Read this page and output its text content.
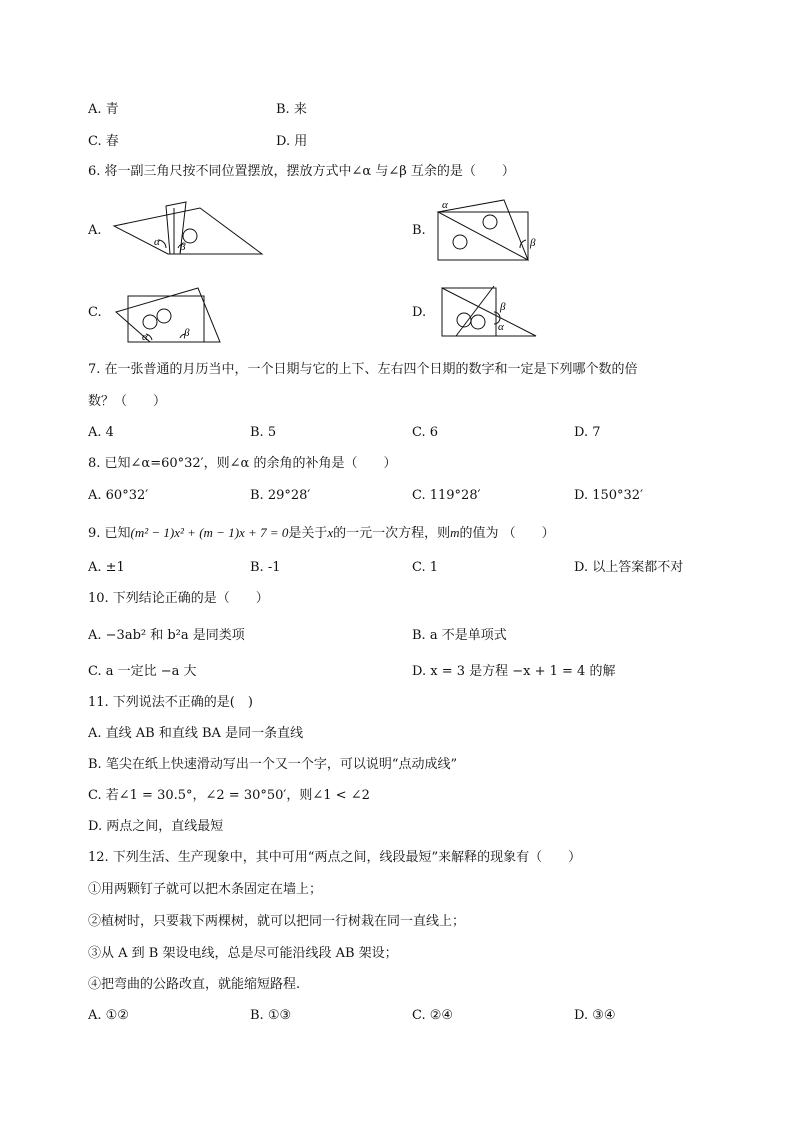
A. 青	B. 来
C. 春	D. 用
6. 将一副三角尺按不同位置摆放，摆放方式中∠α 与∠β 互余的是（　　）
A.
α β
B.
α
β
C.
α	β
D.	β
α
7. 在一张普通的月历当中，一个日期与它的上下、左右四个日期的数字和一定是下列哪个数的倍
数？（　　）
A. 4	B. 5	C. 6	D. 7
8. 已知∠α=60°32′，则∠α 的余角的补角是（　　）
A. 60°32′	B. 29°28′	C. 119°28′	D. 150°32′
9. 已知(m² − 1)x² + (m − 1)x + 7 = 0是关于x的一元一次方程，则m的值为 （　　）
A. ±1	B. -1	C. 1	D. 以上答案都不对
10. 下列结论正确的是（　　）
A. −3ab² 和 b²a 是同类项	B. a 不是单项式
C. a 一定比 −a 大	D. x = 3 是方程 −x + 1 = 4 的解
11. 下列说法不正确的是(　)
A. 直线 AB 和直线 BA 是同一条直线
B. 笔尖在纸上快速滑动写出一个又一个字，可以说明“点动成线”
C. 若∠1 = 30.5°，∠2 = 30°50′，则∠1 < ∠2
D. 两点之间，直线最短
12. 下列生活、生产现象中，其中可用“两点之间，线段最短”来解释的现象有（　　）
①用两颗钉子就可以把木条固定在墙上；
②植树时，只要栽下两棵树，就可以把同一行树栽在同一直线上；
③从 A 到 B 架设电线，总是尽可能沿线段 AB 架设；
④把弯曲的公路改直，就能缩短路程.
A. ①②	B. ①③	C. ②④	D. ③④
